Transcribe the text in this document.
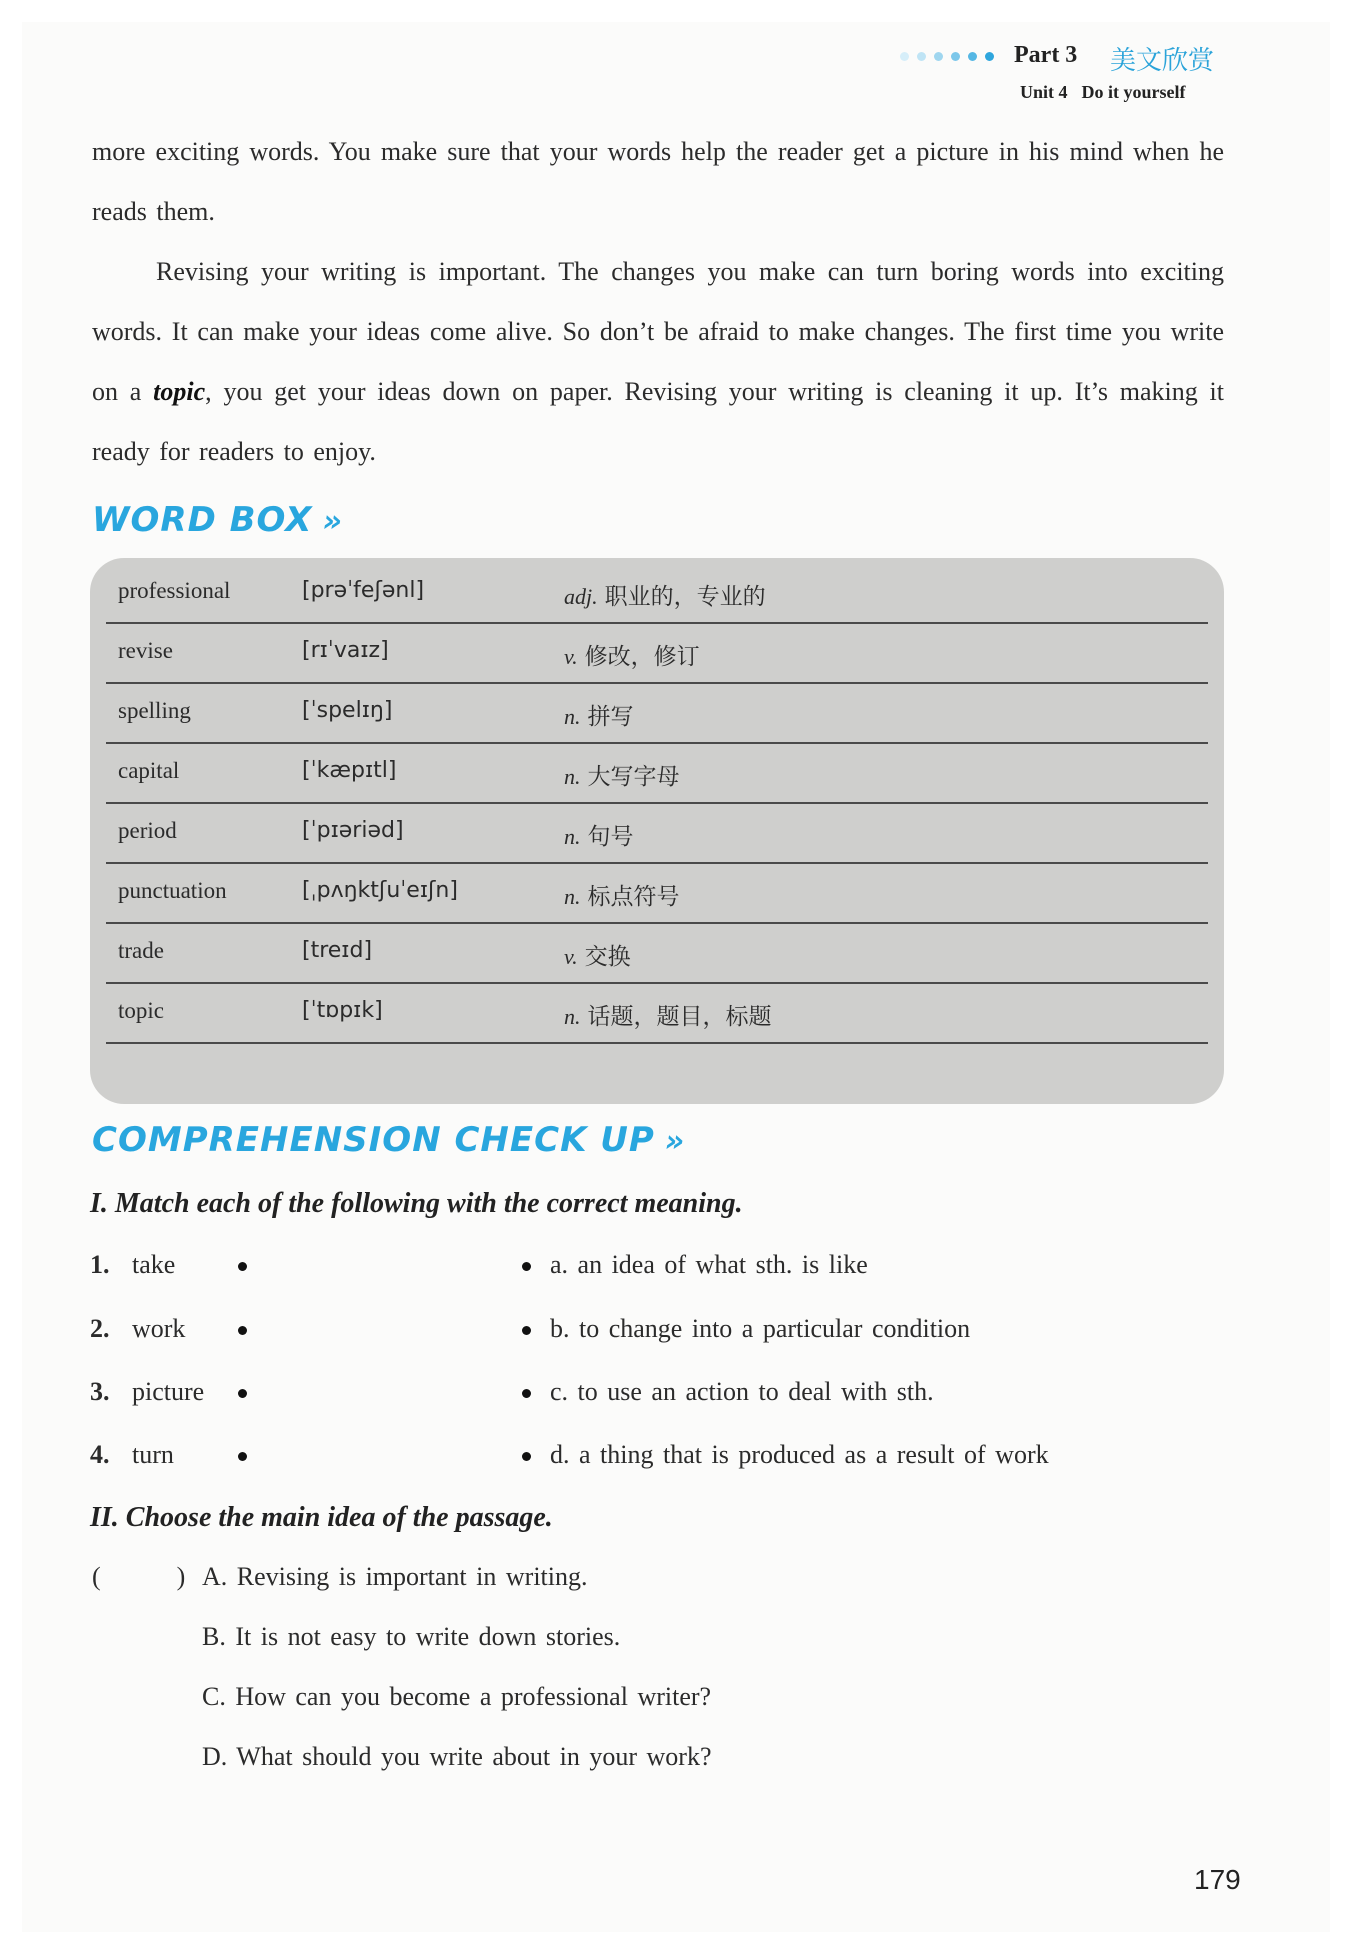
Part 3 美文欣赏
Unit 4 Do it yourself

more exciting words. You make sure that your words help the reader get a picture in his mind when he reads them.

Revising your writing is important. The changes you make can turn boring words into exciting words. It can make your ideas come alive. So don’t be afraid to make changes. The first time you write on a topic, you get your ideas down on paper. Revising your writing is cleaning it up. It’s making it ready for readers to enjoy.

WORD BOX »
professional	[prəˈfeʃənl]	adj. 职业的，专业的
revise	[rɪˈvaɪz]	v. 修改，修订
spelling	[ˈspelɪŋ]	n. 拼写
capital	[ˈkæpɪtl]	n. 大写字母
period	[ˈpɪəriəd]	n. 句号
punctuation	[ˌpʌŋktʃuˈeɪʃn]	n. 标点符号
trade	[treɪd]	v. 交换
topic	[ˈtɒpɪk]	n. 话题，题目，标题
COMPREHENSION CHECK UP »
I. Match each of the following with the correct meaning.
1. take	a. an idea of what sth. is like
2. work	b. to change into a particular condition
3. picture	c. to use an action to deal with sth.
4. turn	d. a thing that is produced as a result of work
II. Choose the main idea of the passage.
(        ) A. Revising is important in writing.
B. It is not easy to write down stories.
C. How can you become a professional writer?
D. What should you write about in your work?
179
